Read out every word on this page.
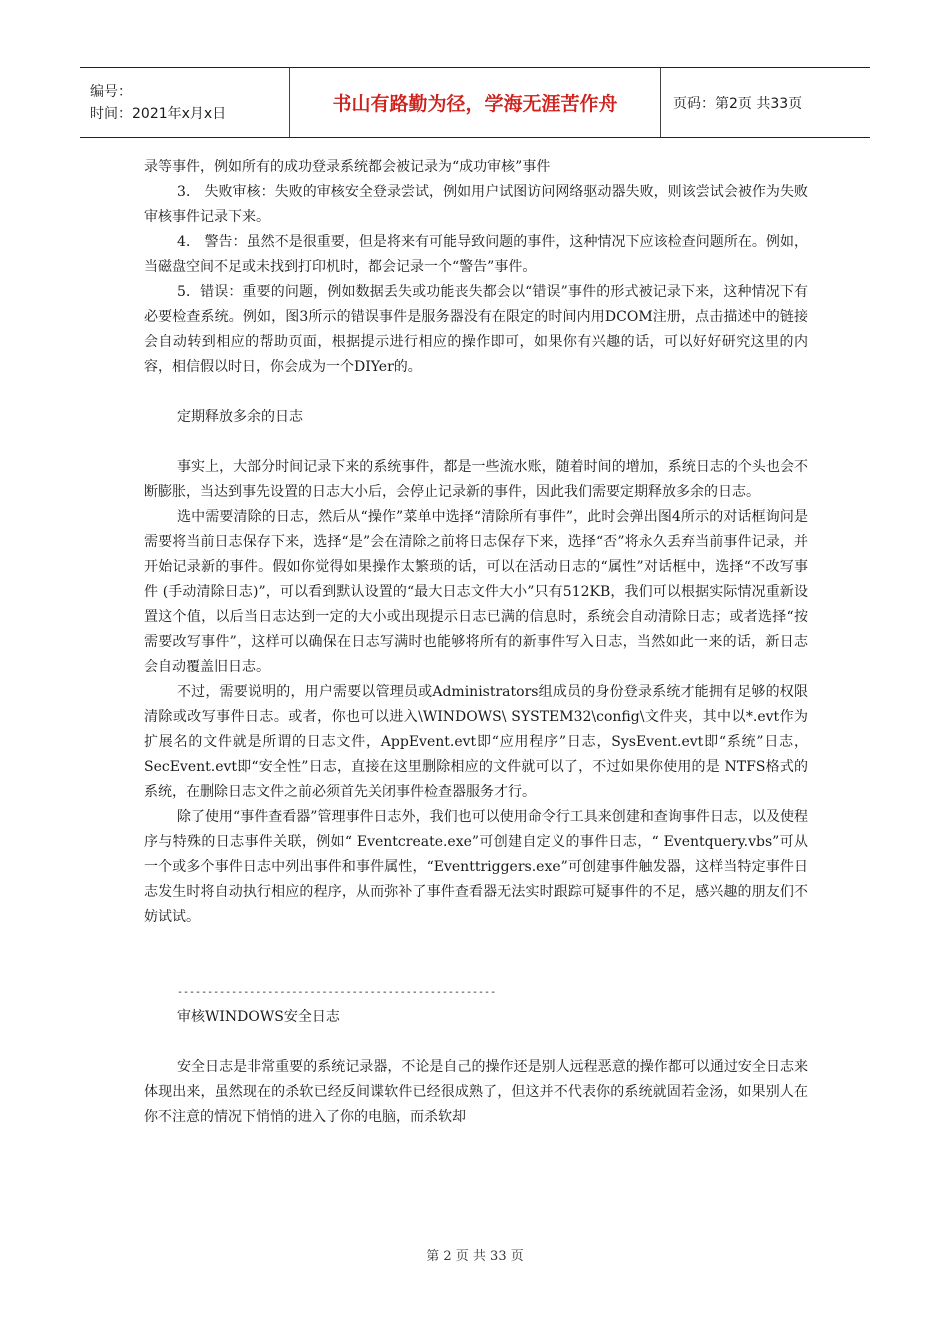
编号：
时间：2021年x月x日	书山有路勤为径，学海无涯苦作舟	页码：第2页 共33页

录等事件，例如所有的成功登录系统都会被记录为“成功审核”事件

3． 失败审核：失败的审核安全登录尝试，例如用户试图访问网络驱动器失败，则该尝试会被作为失败审核事件记录下来。

4． 警告：虽然不是很重要，但是将来有可能导致问题的事件，这种情况下应该检查问题所在。例如，当磁盘空间不足或未找到打印机时，都会记录一个“警告”事件。

5．错误：重要的问题，例如数据丢失或功能丧失都会以“错误”事件的形式被记录下来，这种情况下有必要检查系统。例如，图3所示的错误事件是服务器没有在限定的时间内用DCOM注册，点击描述中的链接会自动转到相应的帮助页面，根据提示进行相应的操作即可，如果你有兴趣的话，可以好好研究这里的内容，相信假以时日，你会成为一个DIYer的。

定期释放多余的日志

事实上，大部分时间记录下来的系统事件，都是一些流水账，随着时间的增加，系统日志的个头也会不断膨胀，当达到事先设置的日志大小后，会停止记录新的事件，因此我们需要定期释放多余的日志。

选中需要清除的日志，然后从“操作”菜单中选择“清除所有事件”，此时会弹出图4所示的对话框询问是需要将当前日志保存下来，选择“是”会在清除之前将日志保存下来，选择“否”将永久丢弃当前事件记录，并开始记录新的事件。假如你觉得如果操作太繁琐的话，可以在活动日志的“属性”对话框中，选择“不改写事件 (手动清除日志)”，可以看到默认设置的“最大日志文件大小”只有512KB，我们可以根据实际情况重新设置这个值，以后当日志达到一定的大小或出现提示日志已满的信息时，系统会自动清除日志；或者选择“按需要改写事件”，这样可以确保在日志写满时也能够将所有的新事件写入日志，当然如此一来的话，新日志会自动覆盖旧日志。

不过，需要说明的，用户需要以管理员或Administrators组成员的身份登录系统才能拥有足够的权限清除或改写事件日志。或者，你也可以进入\WINDOWS\ SYSTEM32\config\文件夹，其中以*.evt作为扩展名的文件就是所谓的日志文件，AppEvent.evt即“应用程序”日志，SysEvent.evt即“系统”日志，SecEvent.evt即“安全性”日志，直接在这里删除相应的文件就可以了，不过如果你使用的是 NTFS格式的系统，在删除日志文件之前必须首先关闭事件检查器服务才行。

除了使用“事件查看器”管理事件日志外，我们也可以使用命令行工具来创建和查询事件日志，以及使程序与特殊的日志事件关联，例如“ Eventcreate.exe”可创建自定义的事件日志，“ Eventquery.vbs”可从一个或多个事件日志中列出事件和事件属性，“Eventtriggers.exe”可创建事件触发器，这样当特定事件日志发生时将自动执行相应的程序，从而弥补了事件查看器无法实时跟踪可疑事件的不足，感兴趣的朋友们不妨试试。

-----------------------------------------------------

审核WINDOWS安全日志

安全日志是非常重要的系统记录器，不论是自己的操作还是别人远程恶意的操作都可以通过安全日志来体现出来，虽然现在的杀软已经反间谍软件已经很成熟了，但这并不代表你的系统就固若金汤，如果别人在你不注意的情况下悄悄的进入了你的电脑，而杀软却

第 2 页 共 33 页
